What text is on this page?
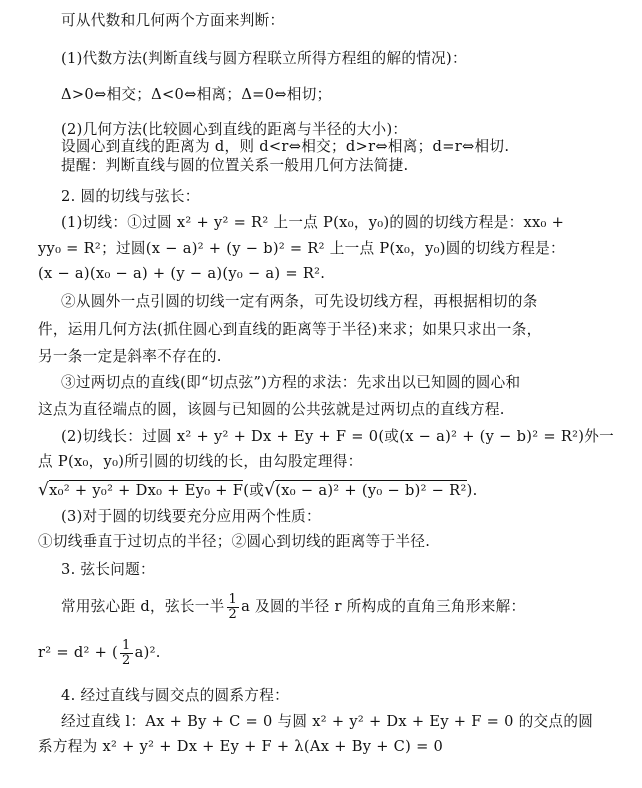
可从代数和几何两个方面来判断：
(1)代数方法(判断直线与圆方程联立所得方程组的解的情况)：
Δ>0⇔相交；Δ<0⇔相离；Δ=0⇔相切；
(2)几何方法(比较圆心到直线的距离与半径的大小)：
设圆心到直线的距离为 d，则 d<r⇔相交；d>r⇔相离；d=r⇔相切.
提醒：判断直线与圆的位置关系一般用几何方法简捷.
2. 圆的切线与弦长：
(1)切线：①过圆 x² + y² = R² 上一点 P(x₀，y₀)的圆的切线方程是：xx₀ +
yy₀ = R²；过圆(x − a)² + (y − b)² = R² 上一点 P(x₀，y₀)圆的切线方程是：
(x − a)(x₀ − a) + (y − a)(y₀ − a) = R².
②从圆外一点引圆的切线一定有两条，可先设切线方程，再根据相切的条
件，运用几何方法(抓住圆心到直线的距离等于半径)来求；如果只求出一条，
另一条一定是斜率不存在的.
③过两切点的直线(即“切点弦”)方程的求法：先求出以已知圆的圆心和
这点为直径端点的圆，该圆与已知圆的公共弦就是过两切点的直线方程.
(2)切线长：过圆 x² + y² + Dx + Ey + F = 0(或(x − a)² + (y − b)² = R²)外一
点 P(x₀，y₀)所引圆的切线的长，由勾股定理得：
√x₀² + y₀² + Dx₀ + Ey₀ + F(或√(x₀ − a)² + (y₀ − b)² − R²).
(3)对于圆的切线要充分应用两个性质：
①切线垂直于过切点的半径；②圆心到切线的距离等于半径.
3. 弦长问题：
常用弦心距 d，弦长一半 $\frac{1}{2}$ a 及圆的半径 r 所构成的直角三角形来解：
r² = d² + ( $\frac{1}{2} a)^2$.
4. 经过直线与圆交点的圆系方程：
经过直线 l：Ax + By + C = 0 与圆 x² + y² + Dx + Ey + F = 0 的交点的圆
系方程为 x² + y² + Dx + Ey + F + λ(Ax + By + C) = 0
